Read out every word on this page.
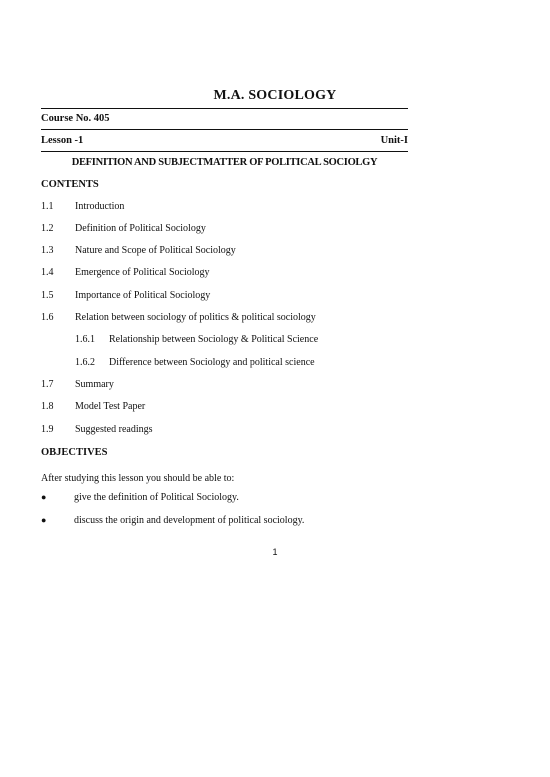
M.A. SOCIOLOGY
Course No. 405
Lesson -1	Unit-I
DEFINITION AND SUBJECTMATTER OF POLITICAL SOCIOLGY
CONTENTS
1.1 Introduction
1.2 Definition of Political Sociology
1.3 Nature and Scope of Political Sociology
1.4 Emergence of Political Sociology
1.5 Importance of Political Sociology
1.6 Relation between sociology of politics & political sociology
1.6.1 Relationship between Sociology & Political Science
1.6.2 Difference between Sociology and political science
1.7 Summary
1.8 Model Test Paper
1.9 Suggested readings
OBJECTIVES
After studying this lesson you should be able to:
●	give the definition of Political Sociology.
●	discuss the origin and development of political sociology.
1
